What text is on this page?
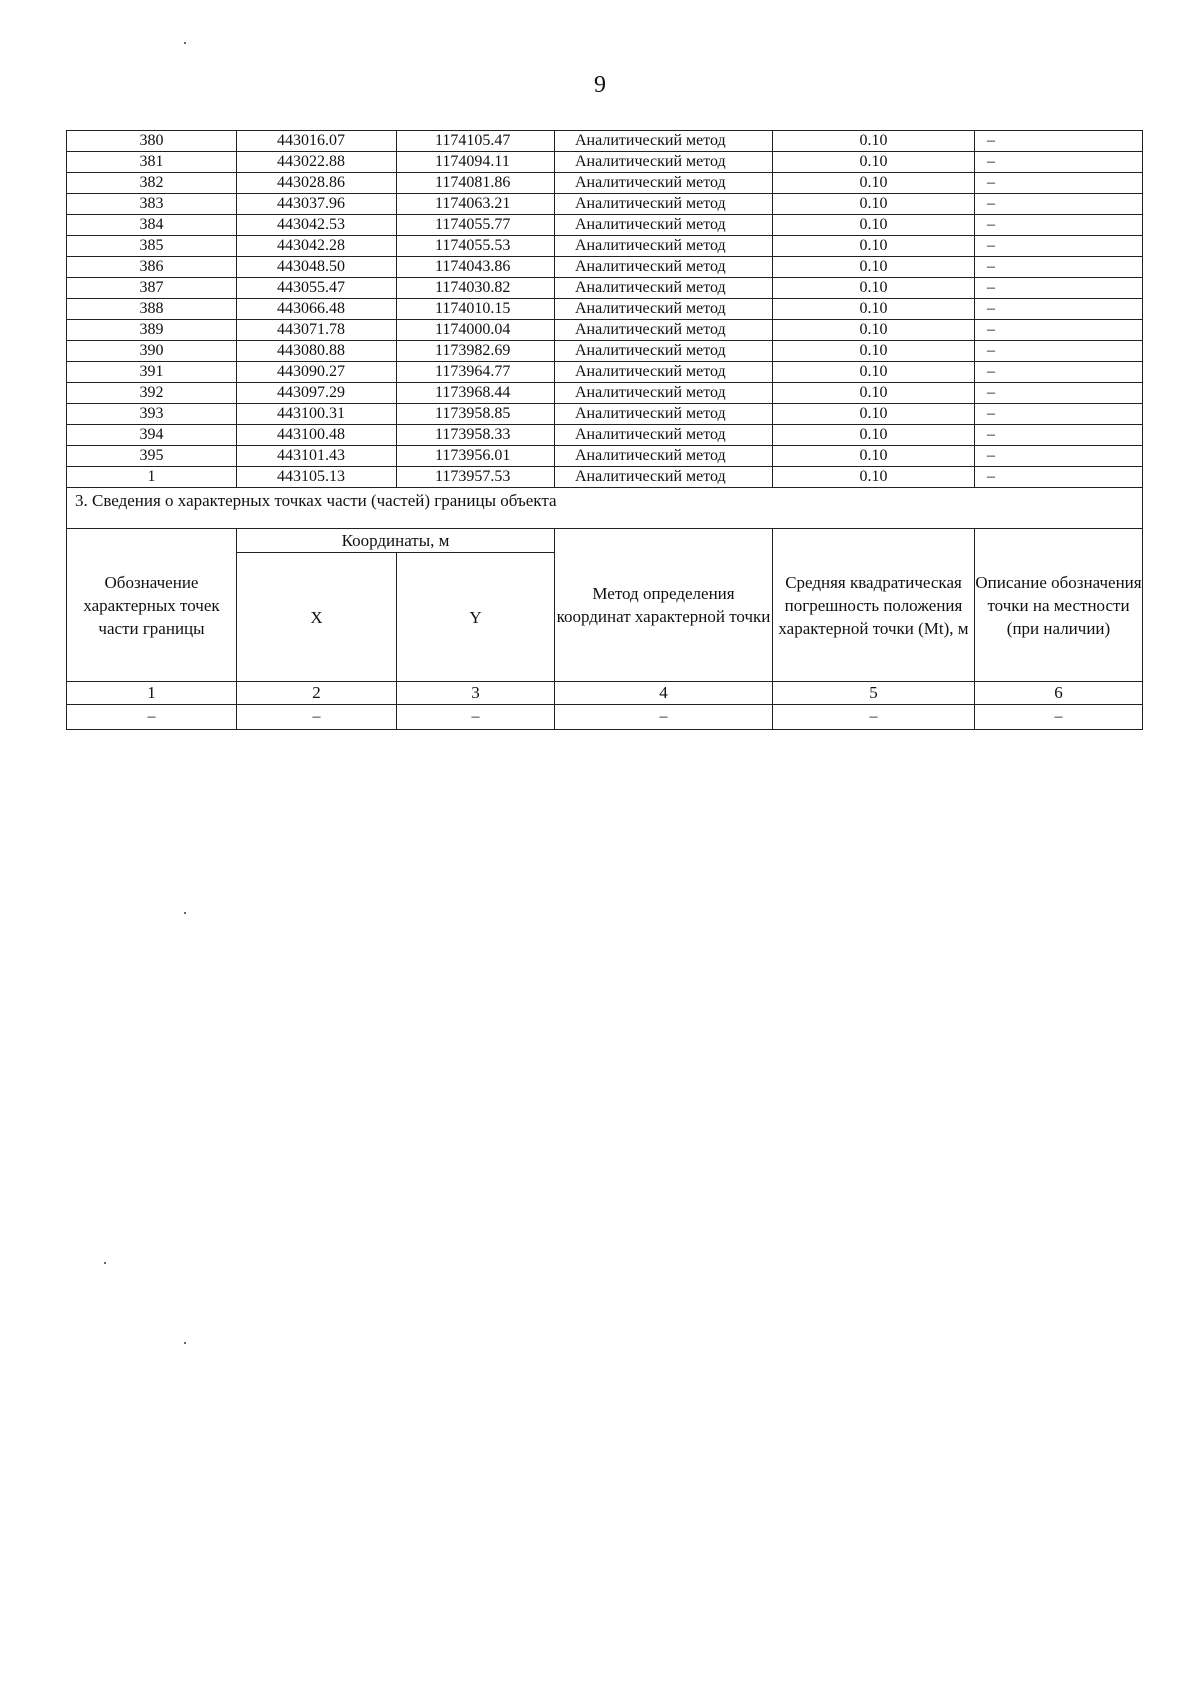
9
380	443016.07	1174105.47	Аналитический метод	0.10	–
381	443022.88	1174094.11	Аналитический метод	0.10	–
382	443028.86	1174081.86	Аналитический метод	0.10	–
383	443037.96	1174063.21	Аналитический метод	0.10	–
384	443042.53	1174055.77	Аналитический метод	0.10	–
385	443042.28	1174055.53	Аналитический метод	0.10	–
386	443048.50	1174043.86	Аналитический метод	0.10	–
387	443055.47	1174030.82	Аналитический метод	0.10	–
388	443066.48	1174010.15	Аналитический метод	0.10	–
389	443071.78	1174000.04	Аналитический метод	0.10	–
390	443080.88	1173982.69	Аналитический метод	0.10	–
391	443090.27	1173964.77	Аналитический метод	0.10	–
392	443097.29	1173968.44	Аналитический метод	0.10	–
393	443100.31	1173958.85	Аналитический метод	0.10	–
394	443100.48	1173958.33	Аналитический метод	0.10	–
395	443101.43	1173956.01	Аналитический метод	0.10	–
1	443105.13	1173957.53	Аналитический метод	0.10	–
3. Сведения о характерных точках части (частей) границы объекта					
Обозначение характерных точек части границы	Координаты, м		Метод определения координат характерной точки	Средняя квадратическая погрешность положения характерной точки (Mt), м	Описание обозначения точки на местности (при наличии)
	X	Y			
1	2	3	4	5	6
–	–	–	–	–	–
